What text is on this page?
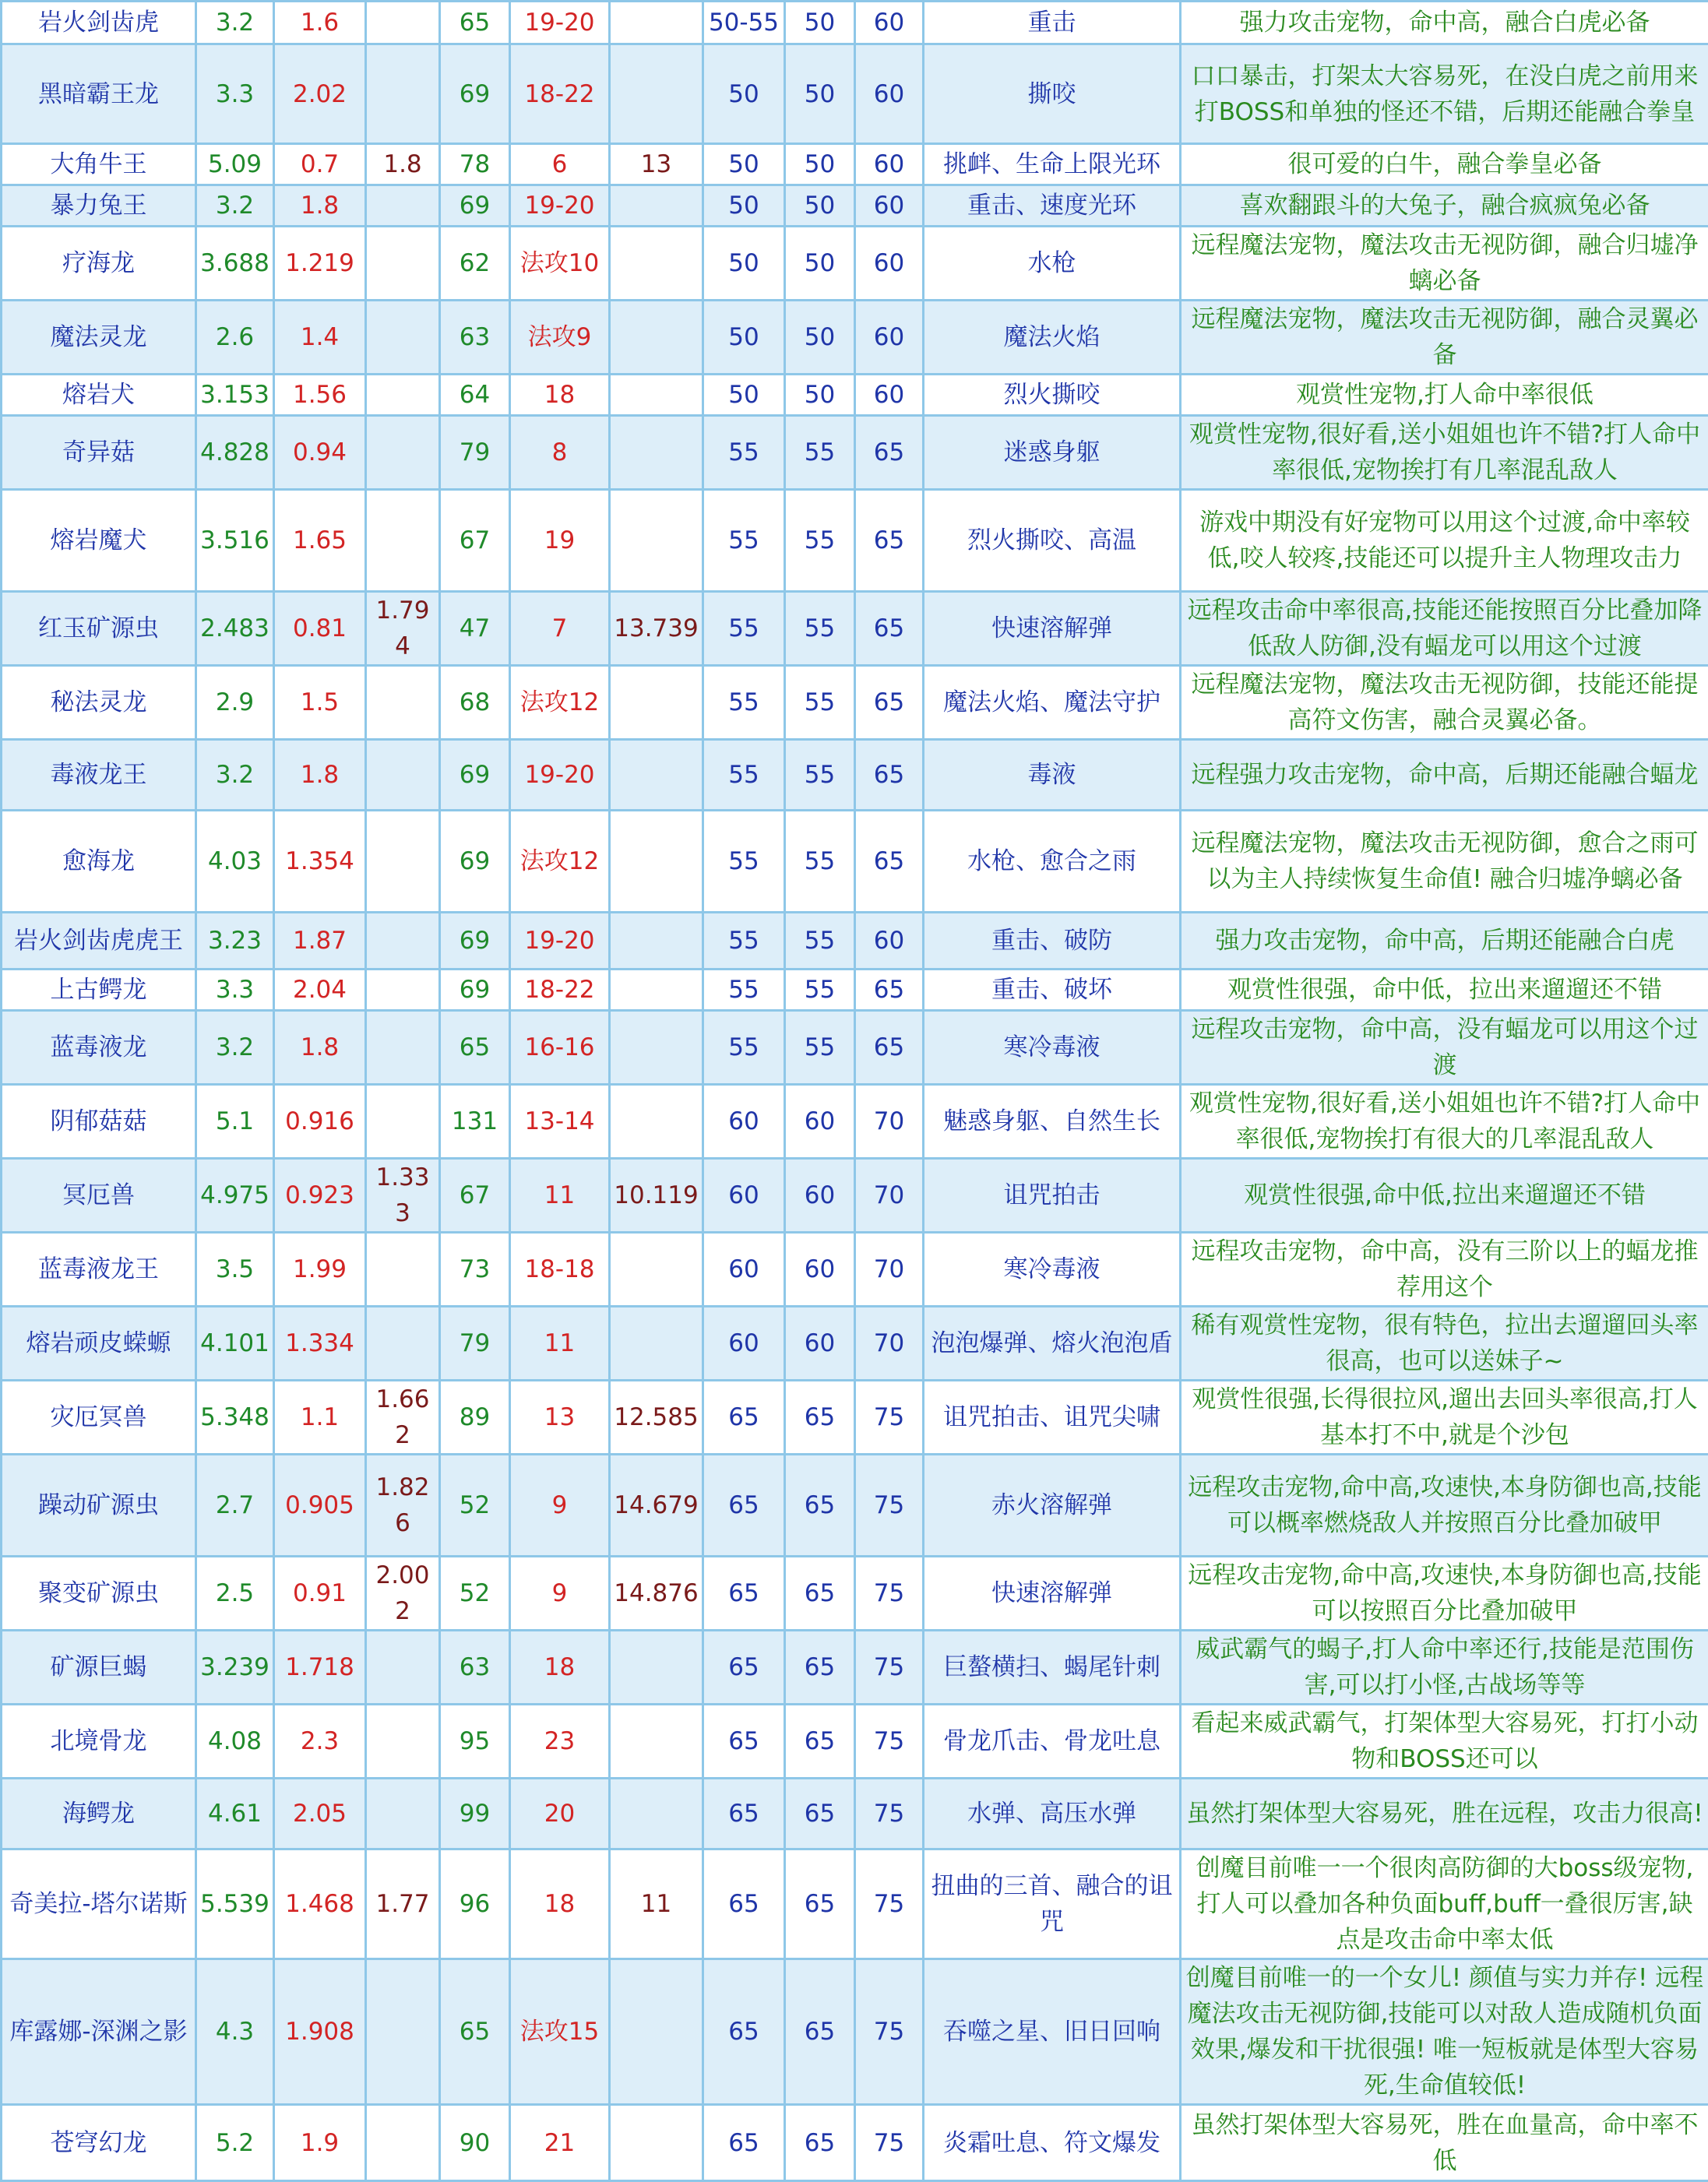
岩火剑齿虎	3.2	1.6		65	19-20		50-55	50	60	重击	强力攻击宠物，命中高，融合白虎必备
黑暗霸王龙	3.3	2.02		69	18-22		50	50	60	撕咬	口口暴击，打架太大容易死，在没白虎之前用来打BOSS和单独的怪还不错，后期还能融合拳皇
大角牛王	5.09	0.7	1.8	78	6	13	50	50	60	挑衅、生命上限光环	很可爱的白牛，融合拳皇必备
暴力兔王	3.2	1.8		69	19-20		50	50	60	重击、速度光环	喜欢翻跟斗的大兔子，融合疯疯兔必备
疗海龙	3.688	1.219		62	法攻10		50	50	60	水枪	远程魔法宠物，魔法攻击无视防御，融合归墟净螭必备
魔法灵龙	2.6	1.4		63	法攻9		50	50	60	魔法火焰	远程魔法宠物，魔法攻击无视防御，融合灵翼必备
熔岩犬	3.153	1.56		64	18		50	50	60	烈火撕咬	观赏性宠物,打人命中率很低
奇异菇	4.828	0.94		79	8		55	55	65	迷惑身躯	观赏性宠物,很好看,送小姐姐也许不错?打人命中率很低,宠物挨打有几率混乱敌人
熔岩魔犬	3.516	1.65		67	19		55	55	65	烈火撕咬、高温	游戏中期没有好宠物可以用这个过渡,命中率较低,咬人较疼,技能还可以提升主人物理攻击力
红玉矿源虫	2.483	0.81	1.794	47	7	13.739	55	55	65	快速溶解弹	远程攻击命中率很高,技能还能按照百分比叠加降低敌人防御,没有蝠龙可以用这个过渡
秘法灵龙	2.9	1.5		68	法攻12		55	55	65	魔法火焰、魔法守护	远程魔法宠物，魔法攻击无视防御，技能还能提高符文伤害，融合灵翼必备。
毒液龙王	3.2	1.8		69	19-20		55	55	65	毒液	远程强力攻击宠物，命中高，后期还能融合蝠龙
愈海龙	4.03	1.354		69	法攻12		55	55	65	水枪、愈合之雨	远程魔法宠物，魔法攻击无视防御，愈合之雨可以为主人持续恢复生命值! 融合归墟净螭必备
岩火剑齿虎虎王	3.23	1.87		69	19-20		55	55	60	重击、破防	强力攻击宠物，命中高，后期还能融合白虎
上古鳄龙	3.3	2.04		69	18-22		55	55	65	重击、破坏	观赏性很强，命中低，拉出来遛遛还不错
蓝毒液龙	3.2	1.8		65	16-16		55	55	65	寒冷毒液	远程攻击宠物，命中高，没有蝠龙可以用这个过渡
阴郁菇菇	5.1	0.916		131	13-14		60	60	70	魅惑身躯、自然生长	观赏性宠物,很好看,送小姐姐也许不错?打人命中率很低,宠物挨打有很大的几率混乱敌人
冥厄兽	4.975	0.923	1.333	67	11	10.119	60	60	70	诅咒拍击	观赏性很强,命中低,拉出来遛遛还不错
蓝毒液龙王	3.5	1.99		73	18-18		60	60	70	寒冷毒液	远程攻击宠物，命中高，没有三阶以上的蝠龙推荐用这个
熔岩顽皮蝾螈	4.101	1.334		79	11		60	60	70	泡泡爆弹、熔火泡泡盾	稀有观赏性宠物，很有特色，拉出去遛遛回头率很高，也可以送妹子~
灾厄冥兽	5.348	1.1	1.662	89	13	12.585	65	65	75	诅咒拍击、诅咒尖啸	观赏性很强,长得很拉风,遛出去回头率很高,打人基本打不中,就是个沙包
躁动矿源虫	2.7	0.905	1.826	52	9	14.679	65	65	75	赤火溶解弹	远程攻击宠物,命中高,攻速快,本身防御也高,技能可以概率燃烧敌人并按照百分比叠加破甲
聚变矿源虫	2.5	0.91	2.002	52	9	14.876	65	65	75	快速溶解弹	远程攻击宠物,命中高,攻速快,本身防御也高,技能可以按照百分比叠加破甲
矿源巨蝎	3.239	1.718		63	18		65	65	75	巨螯横扫、蝎尾针刺	威武霸气的蝎子,打人命中率还行,技能是范围伤害,可以打小怪,古战场等等
北境骨龙	4.08	2.3		95	23		65	65	75	骨龙爪击、骨龙吐息	看起来威武霸气，打架体型大容易死，打打小动物和BOSS还可以
海鳄龙	4.61	2.05		99	20		65	65	75	水弹、高压水弹	虽然打架体型大容易死，胜在远程，攻击力很高!
奇美拉-塔尔诺斯	5.539	1.468	1.77	96	18	11	65	65	75	扭曲的三首、融合的诅咒	创魔目前唯一一个很肉高防御的大boss级宠物,打人可以叠加各种负面buff,buff一叠很厉害,缺点是攻击命中率太低
库露娜-深渊之影	4.3	1.908		65	法攻15		65	65	75	吞噬之星、旧日回响	创魔目前唯一的一个女儿! 颜值与实力并存! 远程魔法攻击无视防御,技能可以对敌人造成随机负面效果,爆发和干扰很强! 唯一短板就是体型大容易死,生命值较低!
苍穹幻龙	5.2	1.9		90	21		65	65	75	炎霜吐息、符文爆发	虽然打架体型大容易死，胜在血量高，命中率不低
